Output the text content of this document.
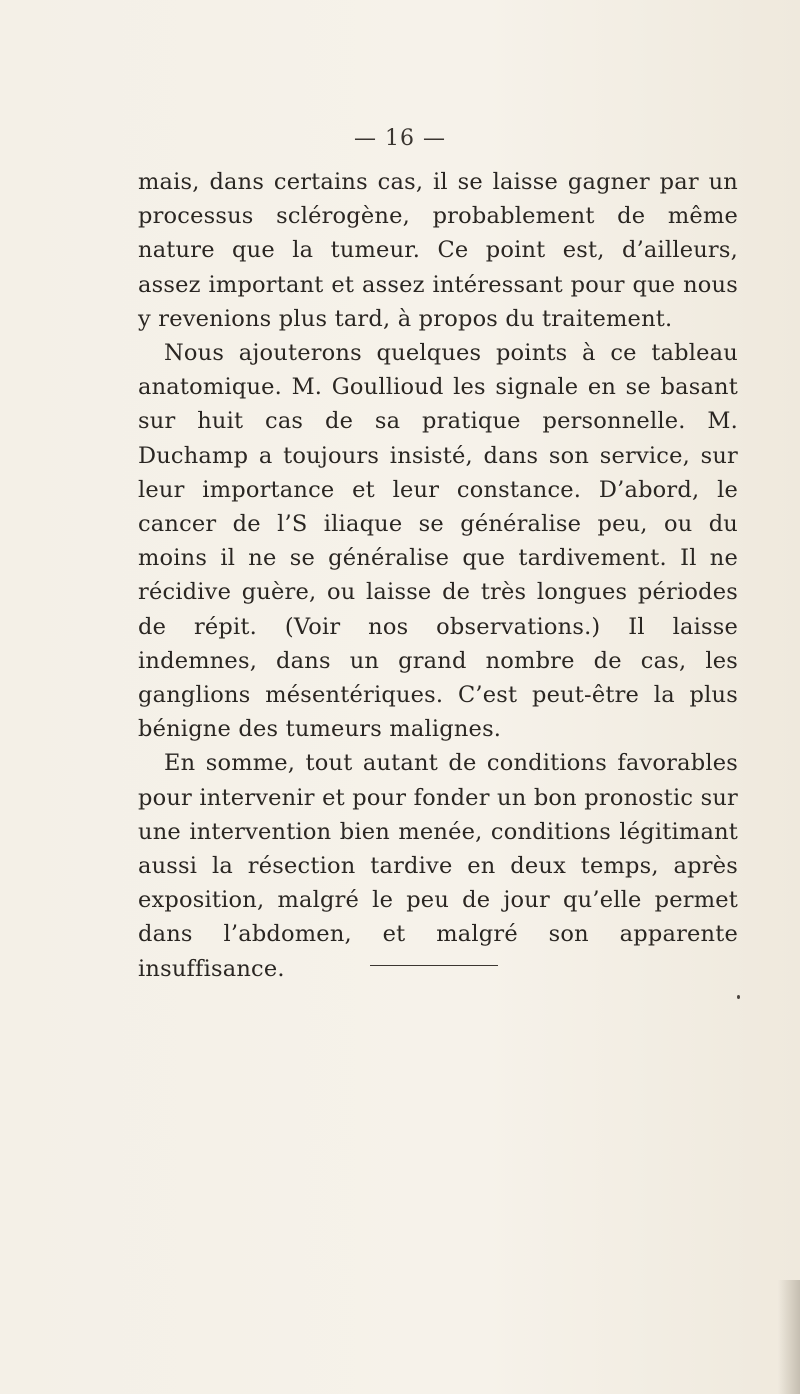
— 16 —

mais, dans certains cas, il se laisse gagner par un processus sclérogène, probablement de même nature que la tumeur. Ce point est, d’ailleurs, assez important et assez intéressant pour que nous y revenions plus tard, à propos du traitement.

Nous ajouterons quelques points à ce tableau anatomique. M. Goullioud les signale en se basant sur huit cas de sa pratique personnelle. M. Duchamp a toujours insisté, dans son service, sur leur importance et leur constance. D’abord, le cancer de l’S iliaque se généralise peu, ou du moins il ne se généralise que tardivement. Il ne récidive guère, ou laisse de très longues périodes de répit. (Voir nos observations.) Il laisse indemnes, dans un grand nombre de cas, les ganglions mésentériques. C’est peut-être la plus bénigne des tumeurs malignes.

En somme, tout autant de conditions favorables pour intervenir et pour fonder un bon pronostic sur une intervention bien menée, conditions légitimant aussi la résection tardive en deux temps, après exposition, malgré le peu de jour qu’elle permet dans l’abdomen, et malgré son apparente insuffisance.
